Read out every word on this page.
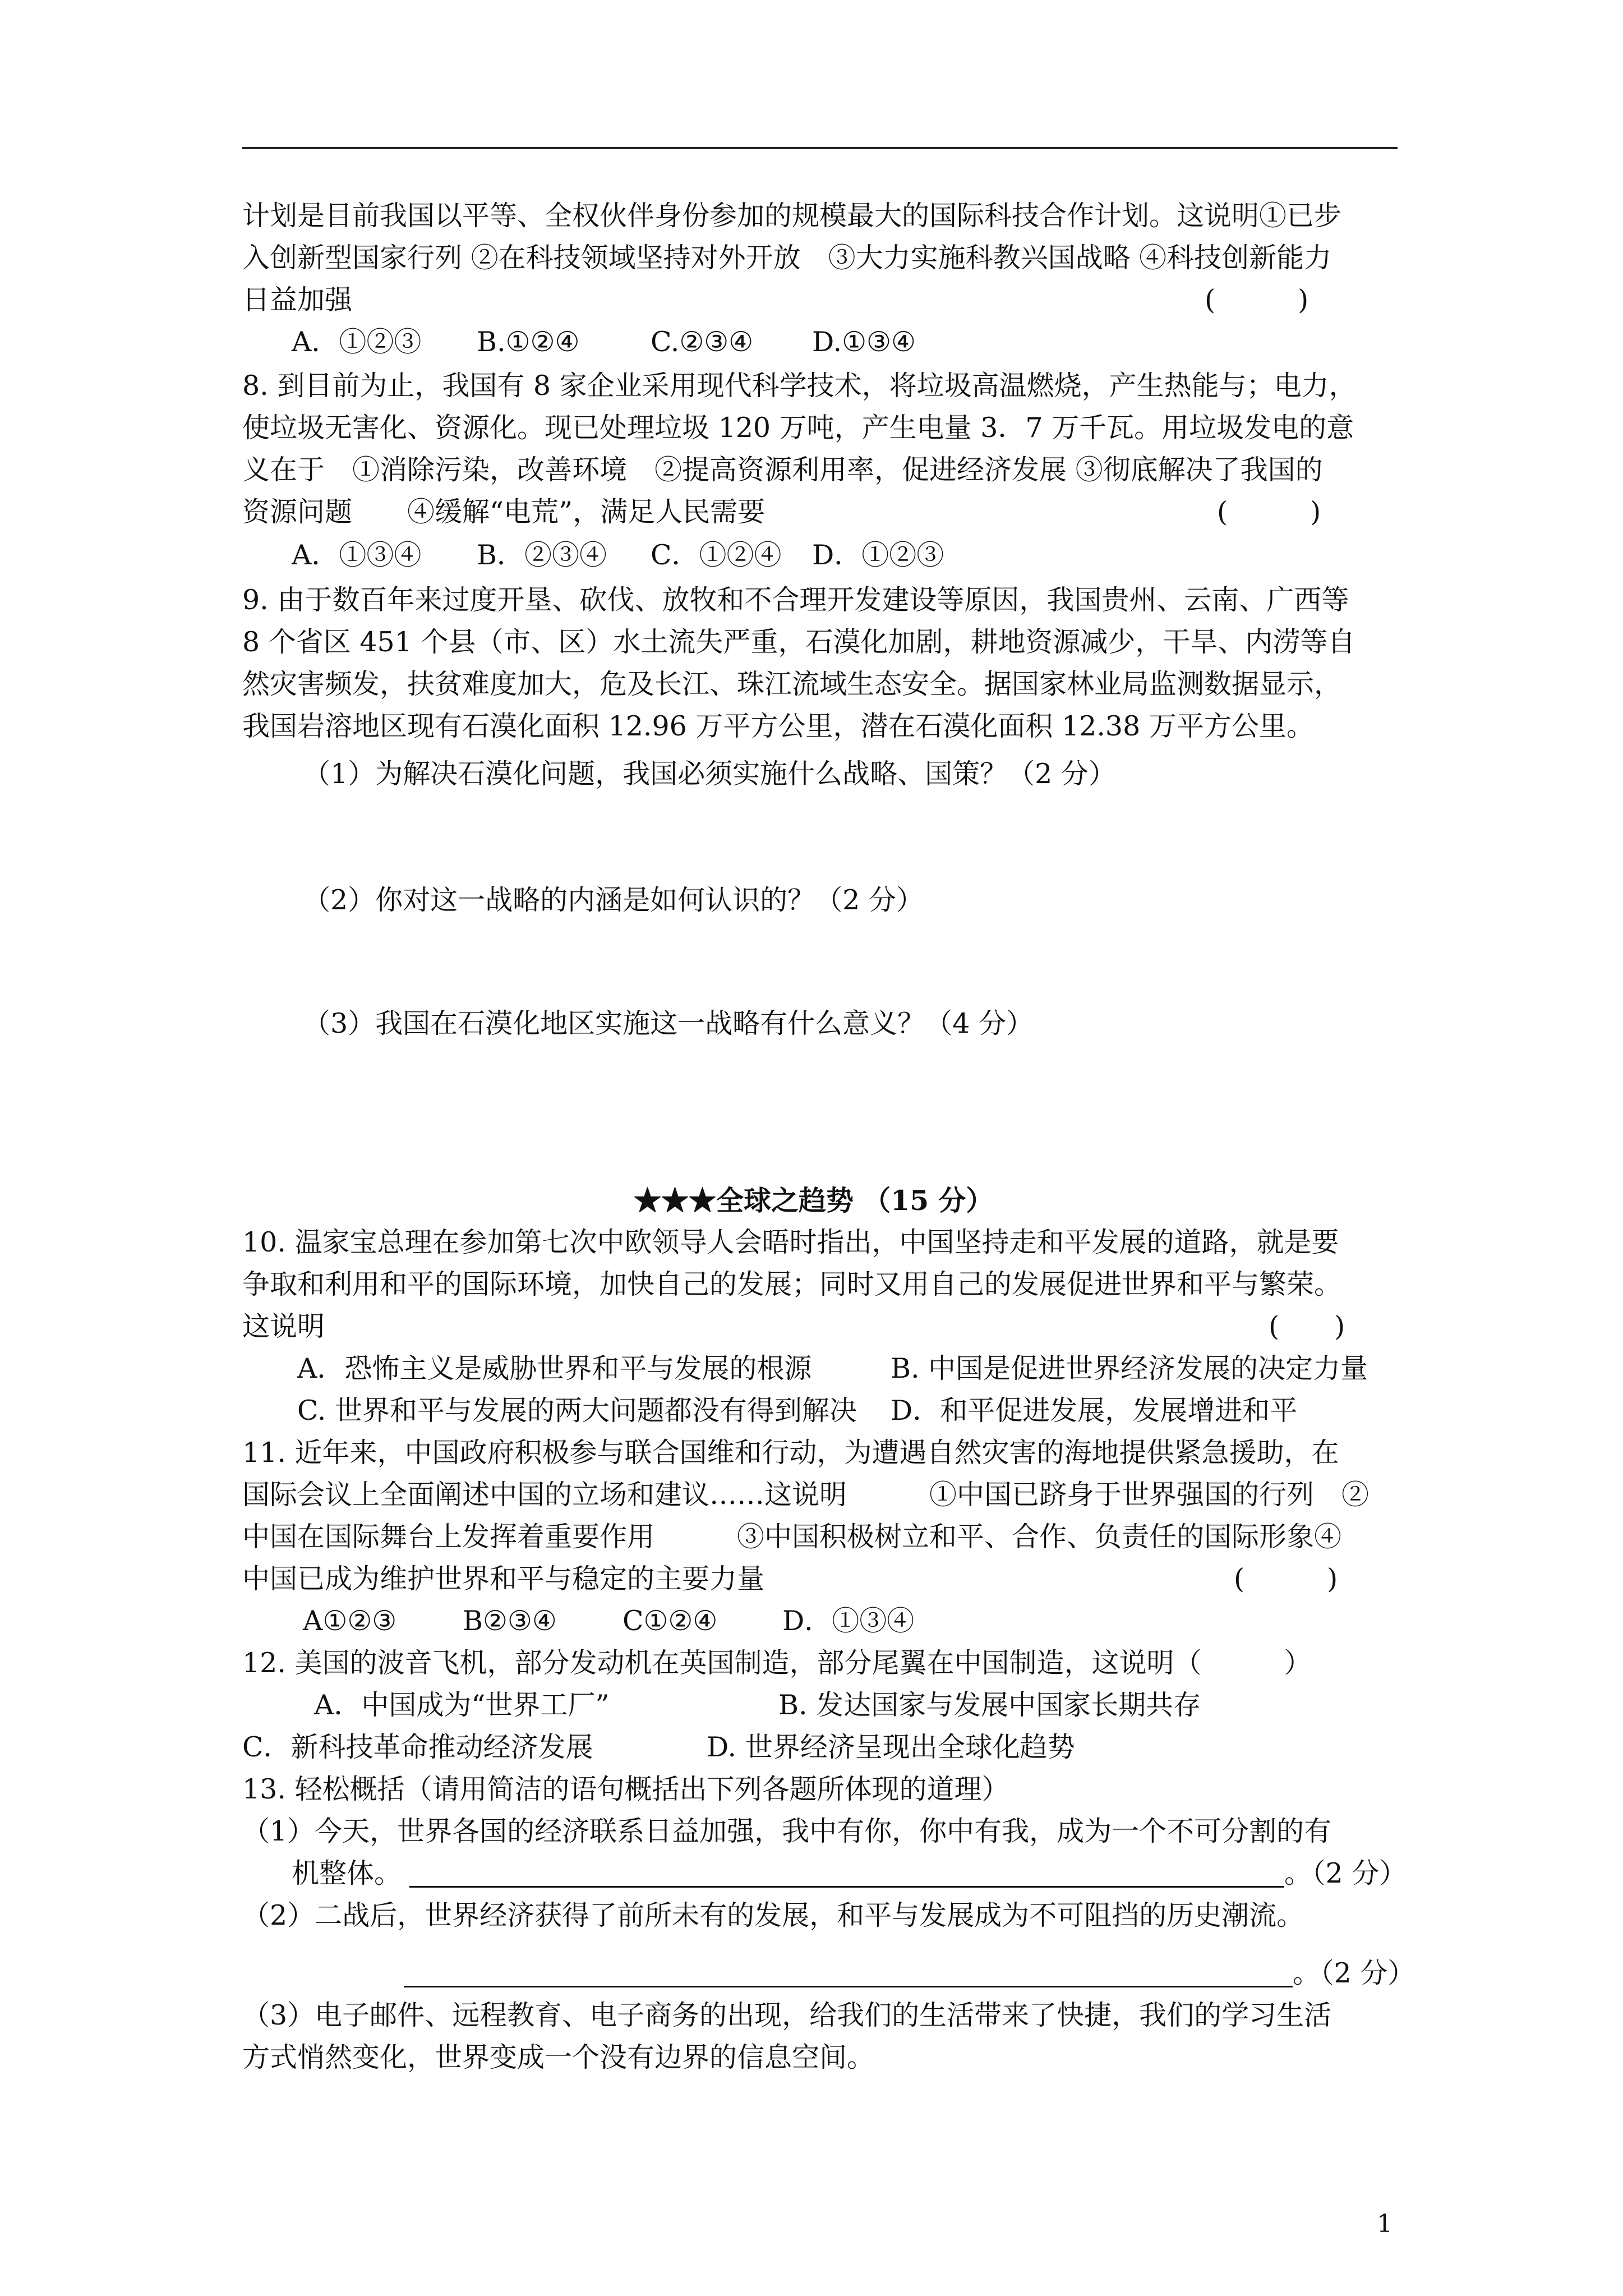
计划是目前我国以平等、全权伙伴身份参加的规模最大的国际科技合作计划。这说明①已步
入创新型国家行列 ②在科技领域坚持对外开放　③大力实施科教兴国战略 ④科技创新能力
日益加强	(　　　)
A．①②③ B.①②④	C.②③④ D.①③④
8. 到目前为止，我国有 8 家企业采用现代科学技术，将垃圾高温燃烧，产生热能与；电力，
使垃圾无害化、资源化。现已处理垃圾 120 万吨，产生电量 3．7 万千瓦。用垃圾发电的意
义在于　①消除污染，改善环境　②提高资源利用率，促进经济发展 ③彻底解决了我国的
资源问题　　④缓解“电荒”，满足人民需要	(　　　)
A．①③④ B．②③④ C．①②④ D．①②③
9. 由于数百年来过度开垦、砍伐、放牧和不合理开发建设等原因，我国贵州、云南、广西等
8 个省区 451 个县（市、区）水土流失严重，石漠化加剧，耕地资源减少，干旱、内涝等自
然灾害频发，扶贫难度加大，危及长江、珠江流域生态安全。据国家林业局监测数据显示，
我国岩溶地区现有石漠化面积 12.96 万平方公里，潜在石漠化面积 12.38 万平方公里。
（1）为解决石漠化问题，我国必须实施什么战略、国策？（2 分）
（2）你对这一战略的内涵是如何认识的？（2 分）
（3）我国在石漠化地区实施这一战略有什么意义？（4 分）
★★★全球之趋势 （15 分）
10. 温家宝总理在参加第七次中欧领导人会晤时指出，中国坚持走和平发展的道路，就是要
争取和利用和平的国际环境，加快自己的发展；同时又用自己的发展促进世界和平与繁荣。
这说明	(　　)
A．恐怖主义是威胁世界和平与发展的根源	B. 中国是促进世界经济发展的决定力量
C. 世界和平与发展的两大问题都没有得到解决 D．和平促进发展，发展增进和平
11. 近年来，中国政府积极参与联合国维和行动，为遭遇自然灾害的海地提供紧急援助，在
国际会议上全面阐述中国的立场和建议……这说明　　　①中国已跻身于世界强国的行列　②
中国在国际舞台上发挥着重要作用　　　③中国积极树立和平、合作、负责任的国际形象④
中国已成为维护世界和平与稳定的主要力量	(　　　)
A①②③ B②③④ C①②④ D．①③④
12. 美国的波音飞机，部分发动机在英国制造，部分尾翼在中国制造，这说明（　　　）
A．中国成为“世界工厂”	B. 发达国家与发展中国家长期共存
C．新科技革命推动经济发展	D. 世界经济呈现出全球化趋势
13. 轻松概括（请用简洁的语句概括出下列各题所体现的道理）
（1）今天，世界各国的经济联系日益加强，我中有你，你中有我，成为一个不可分割的有
机整体。	。（2 分）
（2）二战后，世界经济获得了前所未有的发展，和平与发展成为不可阻挡的历史潮流。
。（2 分）
（3）电子邮件、远程教育、电子商务的出现，给我们的生活带来了快捷，我们的学习生活
方式悄然变化，世界变成一个没有边界的信息空间。
1
